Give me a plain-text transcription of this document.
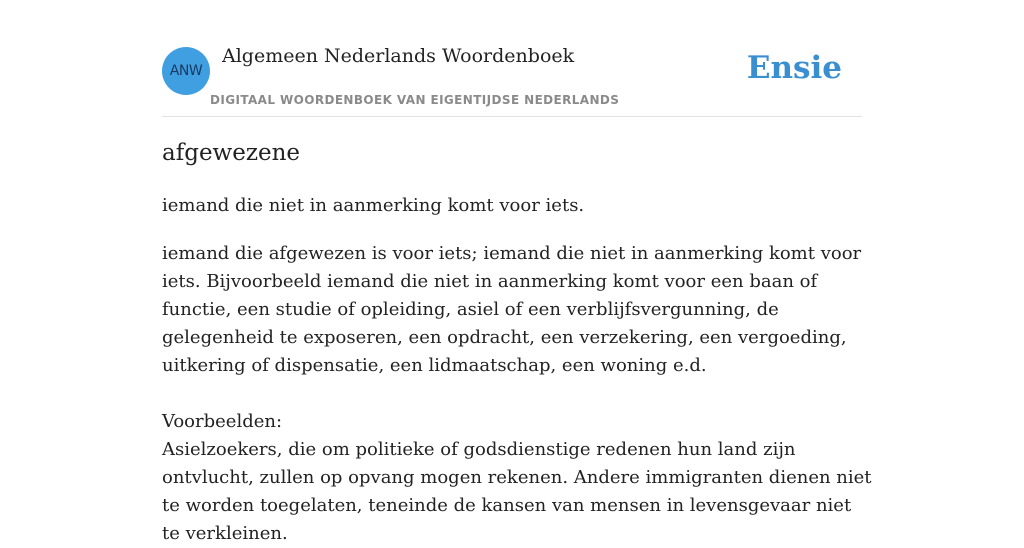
ANW
Algemeen Nederlands Woordenboek
DIGITAAL WOORDENBOEK VAN EIGENTIJDSE NEDERLANDS
Ensie
afgewezene
iemand die niet in aanmerking komt voor iets.

iemand die afgewezen is voor iets; iemand die niet in aanmerking komt voor iets. Bijvoorbeeld iemand die niet in aanmerking komt voor een baan of functie, een studie of opleiding, asiel of een verblijfsvergunning, de gelegenheid te exposeren, een opdracht, een verzekering, een vergoeding, uitkering of dispensatie, een lidmaatschap, een woning e.d.

Voorbeelden:

Asielzoekers, die om politieke of godsdienstige redenen hun land zijn ontvlucht, zullen op opvang mogen rekenen. Andere immigranten dienen niet te worden toegelaten, teneinde de kansen van mensen in levensgevaar niet te verkleinen.
